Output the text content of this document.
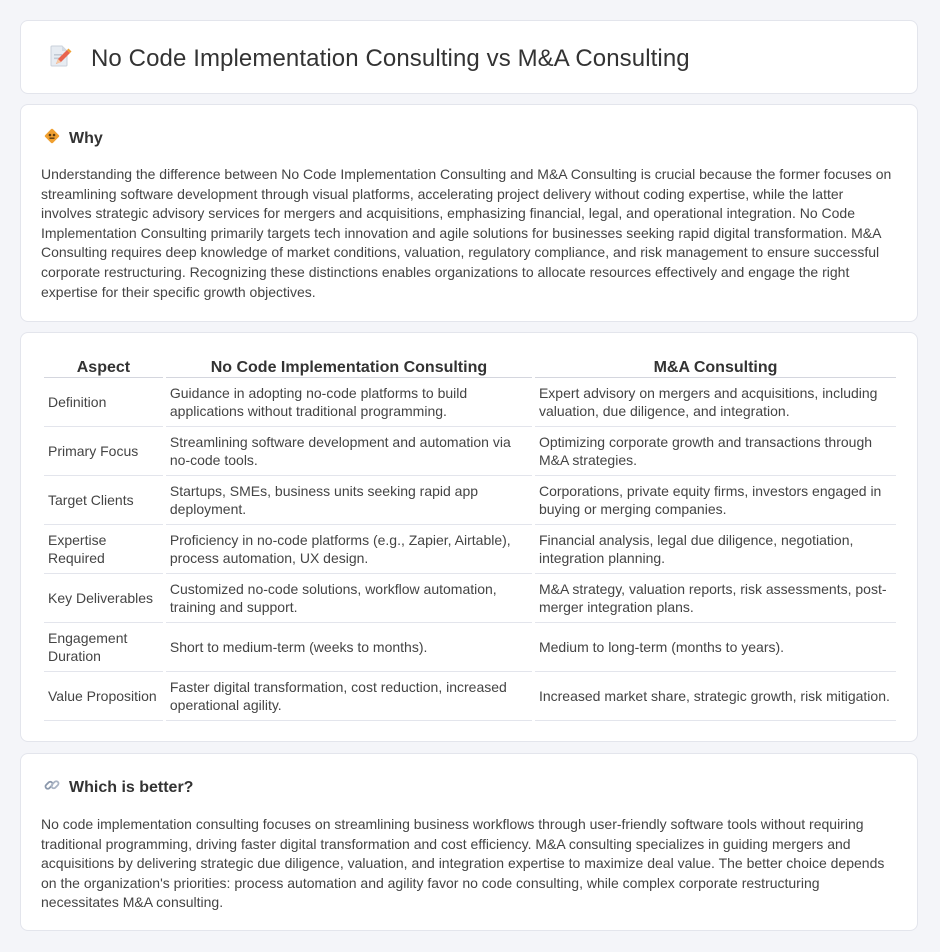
No Code Implementation Consulting vs M&A Consulting
Why

Understanding the difference between No Code Implementation Consulting and M&A Consulting is crucial because the former focuses on streamlining software development through visual platforms, accelerating project delivery without coding expertise, while the latter involves strategic advisory services for mergers and acquisitions, emphasizing financial, legal, and operational integration. No Code Implementation Consulting primarily targets tech innovation and agile solutions for businesses seeking rapid digital transformation. M&A Consulting requires deep knowledge of market conditions, valuation, regulatory compliance, and risk management to ensure successful corporate restructuring. Recognizing these distinctions enables organizations to allocate resources effectively and engage the right expertise for their specific growth objectives.

Aspect	No Code Implementation Consulting	M&A Consulting
Definition	Guidance in adopting no-code platforms to build applications without traditional programming.	Expert advisory on mergers and acquisitions, including valuation, due diligence, and integration.
Primary Focus	Streamlining software development and automation via no-code tools.	Optimizing corporate growth and transactions through M&A strategies.
Target Clients	Startups, SMEs, business units seeking rapid app deployment.	Corporations, private equity firms, investors engaged in buying or merging companies.
Expertise Required	Proficiency in no-code platforms (e.g., Zapier, Airtable), process automation, UX design.	Financial analysis, legal due diligence, negotiation, integration planning.
Key Deliverables	Customized no-code solutions, workflow automation, training and support.	M&A strategy, valuation reports, risk assessments, post-merger integration plans.
Engagement Duration	Short to medium-term (weeks to months).	Medium to long-term (months to years).
Value Proposition	Faster digital transformation, cost reduction, increased operational agility.	Increased market share, strategic growth, risk mitigation.
Which is better?

No code implementation consulting focuses on streamlining business workflows through user-friendly software tools without requiring traditional programming, driving faster digital transformation and cost efficiency. M&A consulting specializes in guiding mergers and acquisitions by delivering strategic due diligence, valuation, and integration expertise to maximize deal value. The better choice depends on the organization's priorities: process automation and agility favor no code consulting, while complex corporate restructuring necessitates M&A consulting.
